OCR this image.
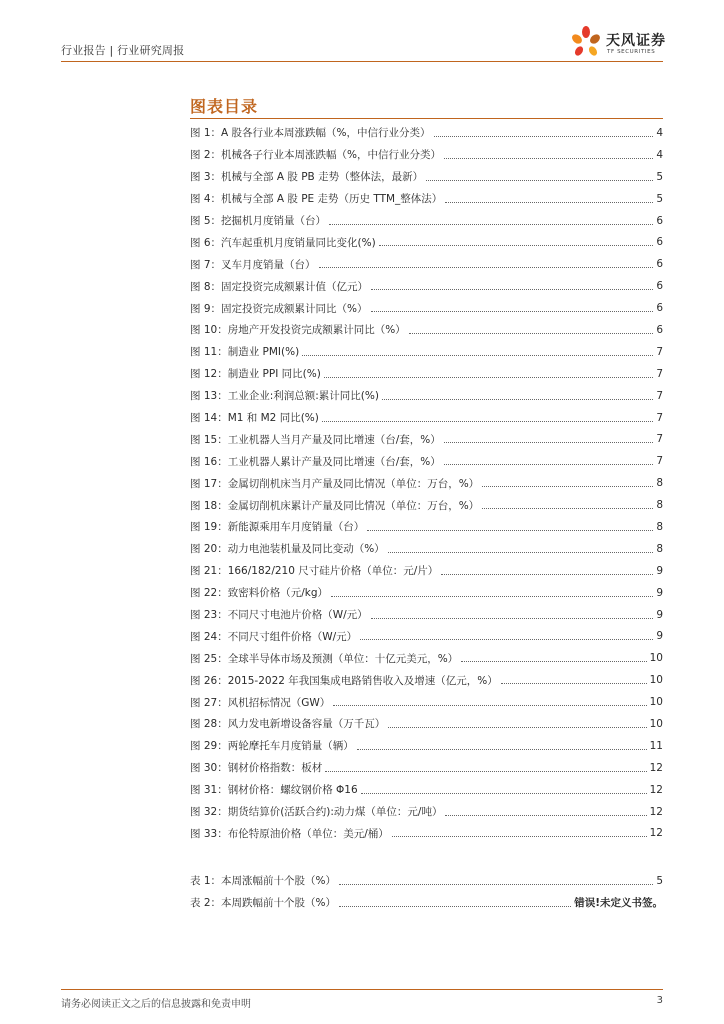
行业报告 | 行业研究周报
天风证券
TF SECURITIES
图表目录
图 1：A 股各行业本周涨跌幅（%，中信行业分类）	4
图 2：机械各子行业本周涨跌幅（%，中信行业分类）	4
图 3：机械与全部 A 股 PB 走势（整体法，最新）	5
图 4：机械与全部 A 股 PE 走势（历史 TTM_整体法）	5
图 5：挖掘机月度销量（台）	6
图 6：汽车起重机月度销量同比变化(%)	6
图 7：叉车月度销量（台）	6
图 8：固定投资完成额累计值（亿元）	6
图 9：固定投资完成额累计同比（%）	6
图 10：房地产开发投资完成额累计同比（%）	6
图 11：制造业 PMI(%)	7
图 12：制造业 PPI 同比(%)	7
图 13：工业企业:利润总额:累计同比(%)	7
图 14：M1 和 M2 同比(%)	7
图 15：工业机器人当月产量及同比增速（台/套，%）	7
图 16：工业机器人累计产量及同比增速（台/套，%）	7
图 17：金属切削机床当月产量及同比情况（单位：万台，%）	8
图 18：金属切削机床累计产量及同比情况（单位：万台，%）	8
图 19：新能源乘用车月度销量（台）	8
图 20：动力电池装机量及同比变动（%）	8
图 21：166/182/210 尺寸硅片价格（单位：元/片）	9
图 22：致密料价格（元/kg）	9
图 23：不同尺寸电池片价格（W/元）	9
图 24：不同尺寸组件价格（W/元）	9
图 25：全球半导体市场及预测（单位：十亿元美元，%）	10
图 26：2015-2022 年我国集成电路销售收入及增速（亿元，%）	10
图 27：风机招标情况（GW）	10
图 28：风力发电新增设备容量（万千瓦）	10
图 29：两轮摩托车月度销量（辆）	11
图 30：钢材价格指数：板材	12
图 31：钢材价格：螺纹钢价格 Φ16	12
图 32：期货结算价(活跃合约):动力煤（单位：元/吨）	12
图 33：布伦特原油价格（单位：美元/桶）	12
表 1：本周涨幅前十个股（%）	5
表 2：本周跌幅前十个股（%）	错误!未定义书签。
请务必阅读正文之后的信息披露和免责申明	3
